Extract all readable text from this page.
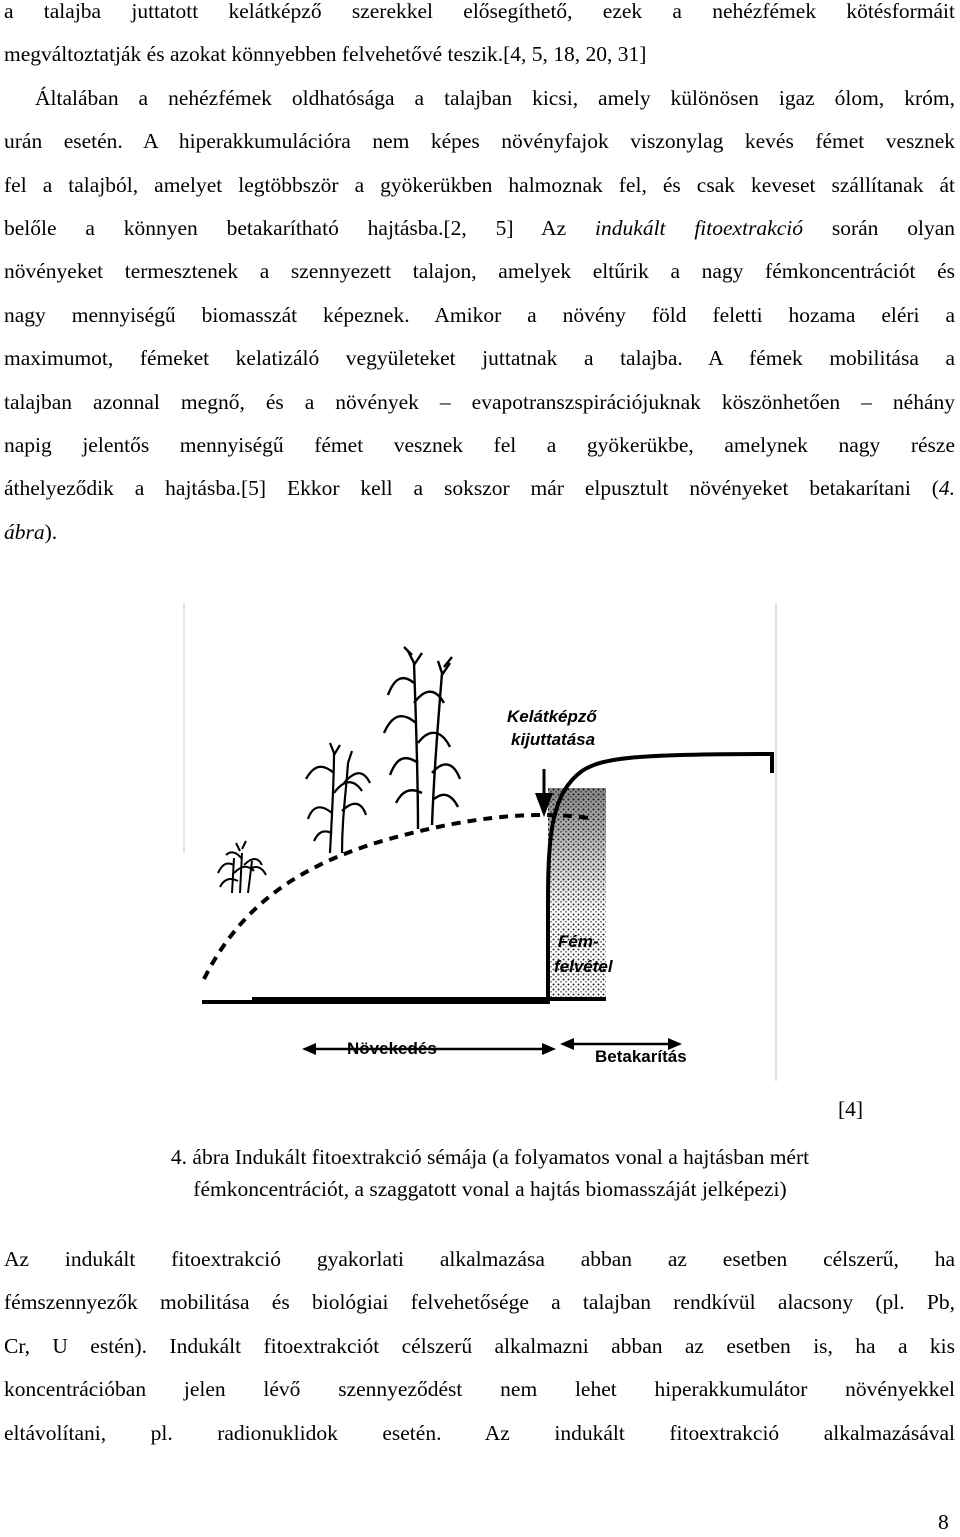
a talajba juttatott kelátképző szerekkel elősegíthető, ezek a nehézfémek kötésformáit
megváltoztatják és azokat könnyebben felvehetővé teszik.[4, 5, 18, 20, 31]
Általában a nehézfémek oldhatósága a talajban kicsi, amely különösen igaz ólom, króm,
urán esetén. A hiperakkumulációra nem képes növényfajok viszonylag kevés fémet vesznek
fel a talajból, amelyet legtöbbször a gyökerükben halmoznak fel, és csak keveset szállítanak át
belőle a könnyen betakarítható hajtásba.[2, 5] Az indukált fitoextrakció során olyan
növényeket termesztenek a szennyezett talajon, amelyek eltűrik a nagy fémkoncentrációt és
nagy mennyiségű biomasszát képeznek. Amikor a növény föld feletti hozama eléri a
maximumot, fémeket kelatizáló vegyületeket juttatnak a talajba. A fémek mobilitása a
talajban azonnal megnő, és a növények – evapotranszspirációjuknak köszönhetően – néhány
napig jelentős mennyiségű fémet vesznek fel a gyökerükbe, amelynek nagy része
áthelyeződik a hajtásba.[5] Ekkor kell a sokszor már elpusztult növényeket betakarítani (4.
ábra).
Kelátképző
kijuttatása
Fém-
felvétel
Növekedés	Betakarítás
[4]
4. ábra Indukált fitoextrakció sémája (a folyamatos vonal a hajtásban mért
fémkoncentrációt, a szaggatott vonal a hajtás biomasszáját jelképezi)
Az indukált fitoextrakció gyakorlati alkalmazása abban az esetben célszerű, ha
fémszennyezők mobilitása és biológiai felvehetősége a talajban rendkívül alacsony (pl. Pb,
Cr, U estén). Indukált fitoextrakciót célszerű alkalmazni abban az esetben is, ha a kis
koncentrációban jelen lévő szennyeződést nem lehet hiperakkumulátor növényekkel
eltávolítani, pl. radionuklidok esetén. Az indukált fitoextrakció alkalmazásával
8
